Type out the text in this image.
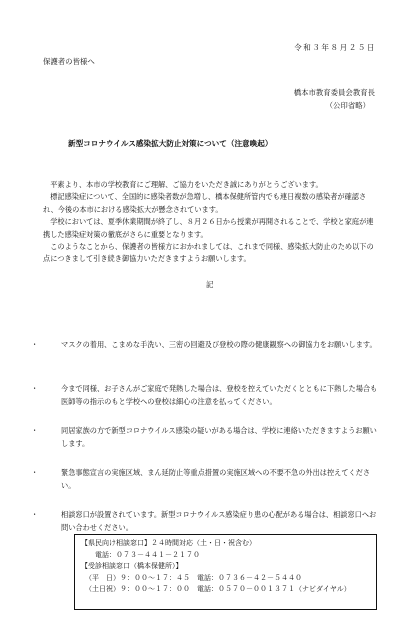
令和３年８月２５日
保護者の皆様へ
橋本市教育委員会教育長
（公印省略）
新型コロナウイルス感染拡大防止対策について（注意喚起）

平素より、本市の学校教育にご理解、ご協力をいただき誠にありがとうございます。

標記感染症について、全国的に感染者数が急増し、橋本保健所管内でも連日複数の感染者が確認され、今後の本市における感染拡大が懸念されています。

学校においては、夏季休業期間が終了し、８月２６日から授業が再開されることで、学校と家庭が連携した感染症対策の徹底がさらに重要となります。

このようなことから、保護者の皆様方におかれましては、これまで同様、感染拡大防止のため以下の点につきまして引き続き御協力いただきますようお願いします。

記
・	マスクの着用、こまめな手洗い、三密の回避及び登校の際の健康観察への御協力をお願いします。
・	今まで同様、お子さんがご家庭で発熱した場合は、登校を控えていただくとともに下熱した場合も医師等の指示のもと学校への登校は細心の注意を払ってください。
・	同居家族の方で新型コロナウイルス感染の疑いがある場合は、学校に連絡いただきますようお願いします。
・	緊急事態宣言の実施区域、まん延防止等重点措置の実施区域への不要不急の外出は控えてください。
・	相談窓口が設置されています。新型コロナウイルス感染症り患の心配がある場合は、相談窓口へお問い合わせください。
【県民向け相談窓口】２４時間対応（土・日・祝含む）
電話：０７３－４４１－２１７０
【受診相談窓口（橋本保健所）】
（平　日）９：００～１７：４５　電話：０７３６－４２－５４４０
（土日祝）９：００～１７：００　電話：０５７０－００１３７１（ナビダイヤル）
